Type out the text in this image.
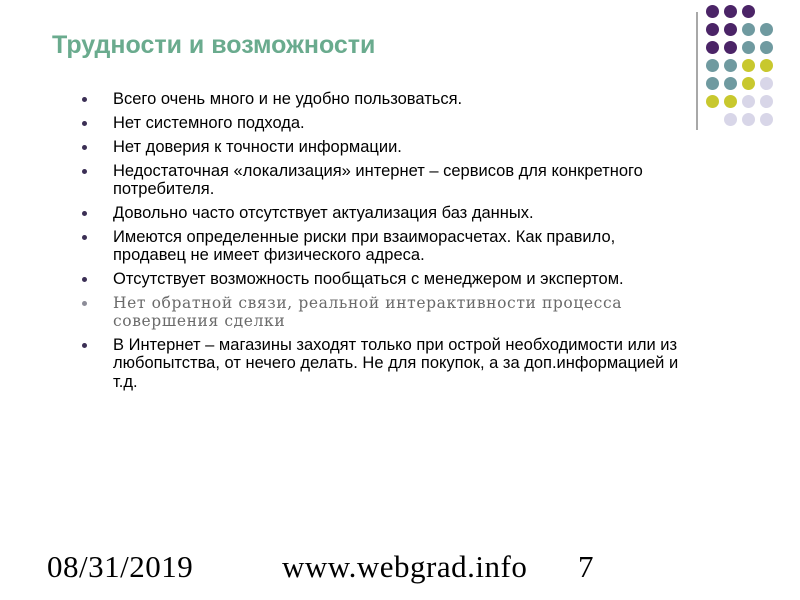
Трудности и возможности
Всего очень много и не удобно пользоваться.
Нет системного подхода.
Нет доверия к точности информации.
Недостаточная «локализация» интернет – сервисов для конкретного потребителя.
Довольно часто отсутствует актуализация баз данных.
Имеются определенные риски при взаиморасчетах. Как правило, продавец не имеет физического адреса.
Отсутствует возможность пообщаться с менеджером и экспертом.
Нет обратной связи, реальной интерактивности процесса совершения сделки
В Интернет – магазины заходят только при острой необходимости или из любопытства, от нечего делать. Не для покупок, а за доп.информацией и т.д.
08/31/2019	www.webgrad.info 7
